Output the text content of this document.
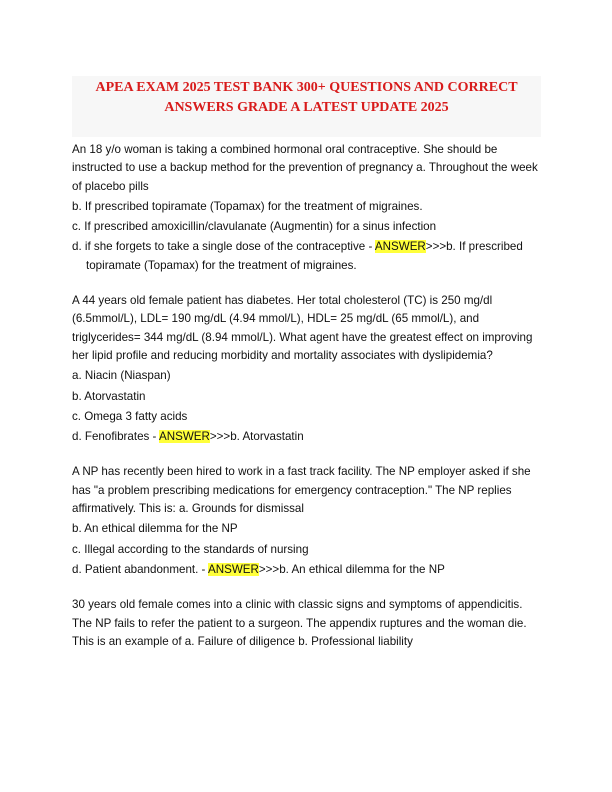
APEA EXAM 2025 TEST BANK 300+ QUESTIONS AND CORRECT
ANSWERS GRADE A LATEST UPDATE 2025

An 18 y/o woman is taking a combined hormonal oral contraceptive. She should be instructed to use a backup method for the prevention of pregnancy a. Throughout the week of placebo pills

b. If prescribed topiramate (Topamax) for the treatment of migraines.

c. If prescribed amoxicillin/clavulanate (Augmentin) for a sinus infection

d. if she forgets to take a single dose of the contraceptive - ANSWER>>>b. If prescribed topiramate (Topamax) for the treatment of migraines.

A 44 years old female patient has diabetes. Her total cholesterol (TC) is 250 mg/dl (6.5mmol/L), LDL= 190 mg/dL (4.94 mmol/L), HDL= 25 mg/dL (65 mmol/L), and triglycerides= 344 mg/dL (8.94 mmol/L). What agent have the greatest effect on improving her lipid profile and reducing morbidity and mortality associates with dyslipidemia?

a. Niacin (Niaspan)

b. Atorvastatin

c. Omega 3 fatty acids

d. Fenofibrates - ANSWER>>>b. Atorvastatin

A NP has recently been hired to work in a fast track facility. The NP employer asked if she has "a problem prescribing medications for emergency contraception." The NP replies affirmatively. This is: a. Grounds for dismissal

b. An ethical dilemma for the NP

c. Illegal according to the standards of nursing

d. Patient abandonment. - ANSWER>>>b. An ethical dilemma for the NP

30 years old female comes into a clinic with classic signs and symptoms of appendicitis. The NP fails to refer the patient to a surgeon. The appendix ruptures and the woman die. This is an example of a. Failure of diligence b. Professional liability
